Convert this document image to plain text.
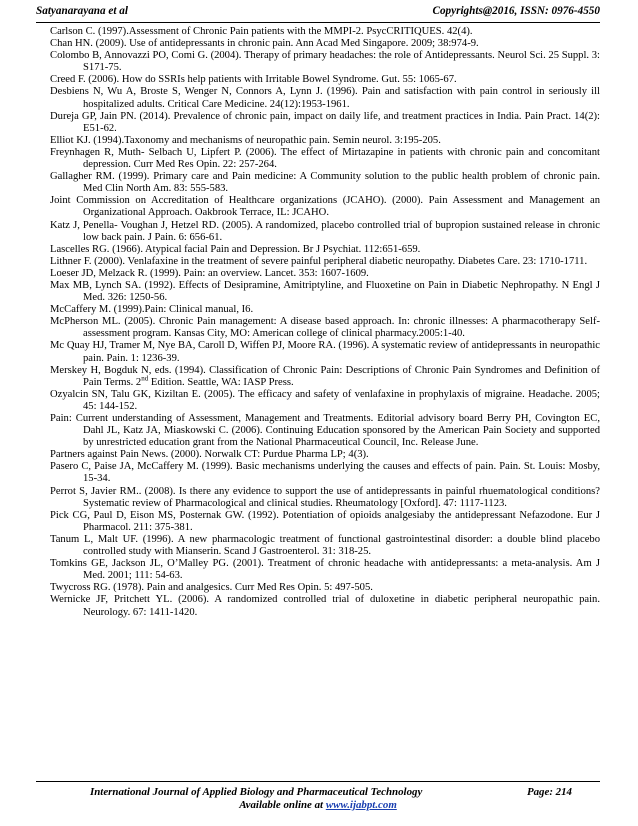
Satyanarayana et al	Copyrights@2016, ISSN: 0976-4550
Carlson C. (1997).Assessment of Chronic Pain patients with the MMPI-2. PsycCRITIQUES. 42(4).
Chan HN. (2009). Use of antidepressants in chronic pain. Ann Acad Med Singapore. 2009; 38:974-9.
Colombo B, Annovazzi PO, Comi G. (2004). Therapy of primary headaches: the role of Antidepressants. Neurol Sci. 25 Suppl. 3: S171-75.
Creed F. (2006). How do SSRIs help patients with Irritable Bowel Syndrome. Gut. 55: 1065-67.
Desbiens N, Wu A, Broste S, Wenger N, Connors A, Lynn J. (1996). Pain and satisfaction with pain control in seriously ill hospitalized adults. Critical Care Medicine. 24(12):1953-1961.
Dureja GP, Jain PN. (2014). Prevalence of chronic pain, impact on daily life, and treatment practices in India. Pain Pract. 14(2): E51-62.
Elliot KJ. (1994).Taxonomy and mechanisms of neuropathic pain. Semin neurol. 3:195-205.
Freynhagen R, Muth- Selbach U, Lipfert P. (2006). The effect of Mirtazapine in patients with chronic pain and concomitant depression. Curr Med Res Opin. 22: 257-264.
Gallagher RM. (1999). Primary care and Pain medicine: A Community solution to the public health problem of chronic pain. Med Clin North Am. 83: 555-583.
Joint Commission on Accreditation of Healthcare organizations (JCAHO). (2000). Pain Assessment and Management an Organizational Approach. Oakbrook Terrace, IL: JCAHO.
Katz J, Penella- Voughan J, Hetzel RD. (2005). A randomized, placebo controlled trial of bupropion sustained release in chronic low back pain. J Pain. 6: 656-61.
Lascelles RG. (1966). Atypical facial Pain and Depression. Br J Psychiat. 112:651-659.
Lithner F. (2000). Venlafaxine in the treatment of severe painful peripheral diabetic neuropathy. Diabetes Care. 23: 1710-1711.
Loeser JD, Melzack R. (1999). Pain: an overview. Lancet. 353: 1607-1609.
Max MB, Lynch SA. (1992). Effects of Desipramine, Amitriptyline, and Fluoxetine on Pain in Diabetic Nephropathy. N Engl J Med. 326: 1250-56.
McCaffery M. (1999).Pain: Clinical manual, I6.
McPherson ML. (2005). Chronic Pain management: A disease based approach. In: chronic illnesses: A pharmacotherapy Self-assessment program. Kansas City, MO: American college of clinical pharmacy.2005:1-40.
Mc Quay HJ, Tramer M, Nye BA, Caroll D, Wiffen PJ, Moore RA. (1996). A systematic review of antidepressants in neuropathic pain. Pain. 1: 1236-39.
Merskey H, Bogduk N, eds. (1994). Classification of Chronic Pain: Descriptions of Chronic Pain Syndromes and Definition of Pain Terms. 2nd Edition. Seattle, WA: IASP Press.
Ozyalcin SN, Talu GK, Kiziltan E. (2005). The efficacy and safety of venlafaxine in prophylaxis of migraine. Headache. 2005; 45: 144-152.
Pain: Current understanding of Assessment, Management and Treatments. Editorial advisory board Berry PH, Covington EC, Dahl JL, Katz JA, Miaskowski C. (2006). Continuing Education sponsored by the American Pain Society and supported by unrestricted education grant from the National Pharmaceutical Council, Inc. Release June.
Partners against Pain News. (2000). Norwalk CT: Purdue Pharma LP; 4(3).
Pasero C, Paise JA, McCaffery M. (1999). Basic mechanisms underlying the causes and effects of pain. Pain. St. Louis: Mosby, 15-34.
Perrot S, Javier RM.. (2008). Is there any evidence to support the use of antidepressants in painful rhuematological conditions? Systematic review of Pharmacological and clinical studies. Rheumatology [Oxford]. 47: 1117-1123.
Pick CG, Paul D, Eison MS, Posternak GW. (1992). Potentiation of opioids analgesiaby the antidepressant Nefazodone. Eur J Pharmacol. 211: 375-381.
Tanum L, Malt UF. (1996). A new pharmacologic treatment of functional gastrointestinal disorder: a double blind placebo controlled study with Mianserin. Scand J Gastroenterol. 31: 318-25.
Tomkins GE, Jackson JL, O’Malley PG. (2001). Treatment of chronic headache with antidepressants: a meta-analysis. Am J Med. 2001; 111: 54-63.
Twycross RG. (1978). Pain and analgesics. Curr Med Res Opin. 5: 497-505.
Wernicke JF, Pritchett YL. (2006). A randomized controlled trial of duloxetine in diabetic peripheral neuropathic pain. Neurology. 67: 1411-1420.
International Journal of Applied Biology and Pharmaceutical Technology	Page: 214
Available online at www.ijabpt.com
